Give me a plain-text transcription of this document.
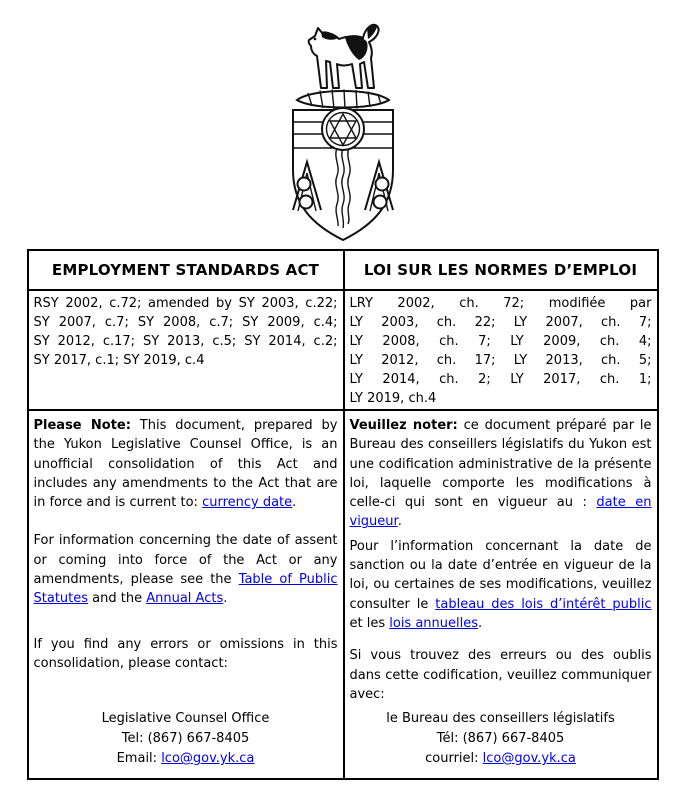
EMPLOYMENT STANDARDS ACT	LOI SUR LES NORMES D’EMPLOI
RSY 2002, c.72; amended by SY 2003, c.22;
SY 2007, c.7; SY 2008, c.7; SY 2009, c.4;
SY 2012, c.17; SY 2013, c.5; SY 2014, c.2;
SY 2017, c.1; SY 2019, c.4
LRY 2002, ch. 72; modifiée par
LY 2003, ch. 22; LY 2007, ch. 7;
LY 2008, ch. 7; LY 2009, ch. 4;
LY 2012, ch. 17; LY 2013, ch. 5;
LY 2014, ch. 2; LY 2017, ch. 1;
LY 2019, ch.4

Please Note: This document, prepared by the Yukon Legislative Counsel Office, is an unofficial consolidation of this Act and includes any amendments to the Act that are in force and is current to: currency date.

For information concerning the date of assent or coming into force of the Act or any amendments, please see the Table of Public Statutes and the Annual Acts.

If you find any errors or omissions in this consolidation, please contact:

Legislative Counsel Office
Tel: (867) 667-8405
Email: lco@gov.yk.ca

Veuillez noter: ce document préparé par le Bureau des conseillers législatifs du Yukon est une codification administrative de la présente loi, laquelle comporte les modifications à celle-ci qui sont en vigueur au : date en vigueur.

Pour l’information concernant la date de sanction ou la date d’entrée en vigueur de la loi, ou certaines de ses modifications, veuillez consulter le tableau des lois d’intérêt public et les lois annuelles.

Si vous trouvez des erreurs ou des oublis dans cette codification, veuillez communiquer avec:

le Bureau des conseillers législatifs
Tél: (867) 667-8405
courriel: lco@gov.yk.ca
